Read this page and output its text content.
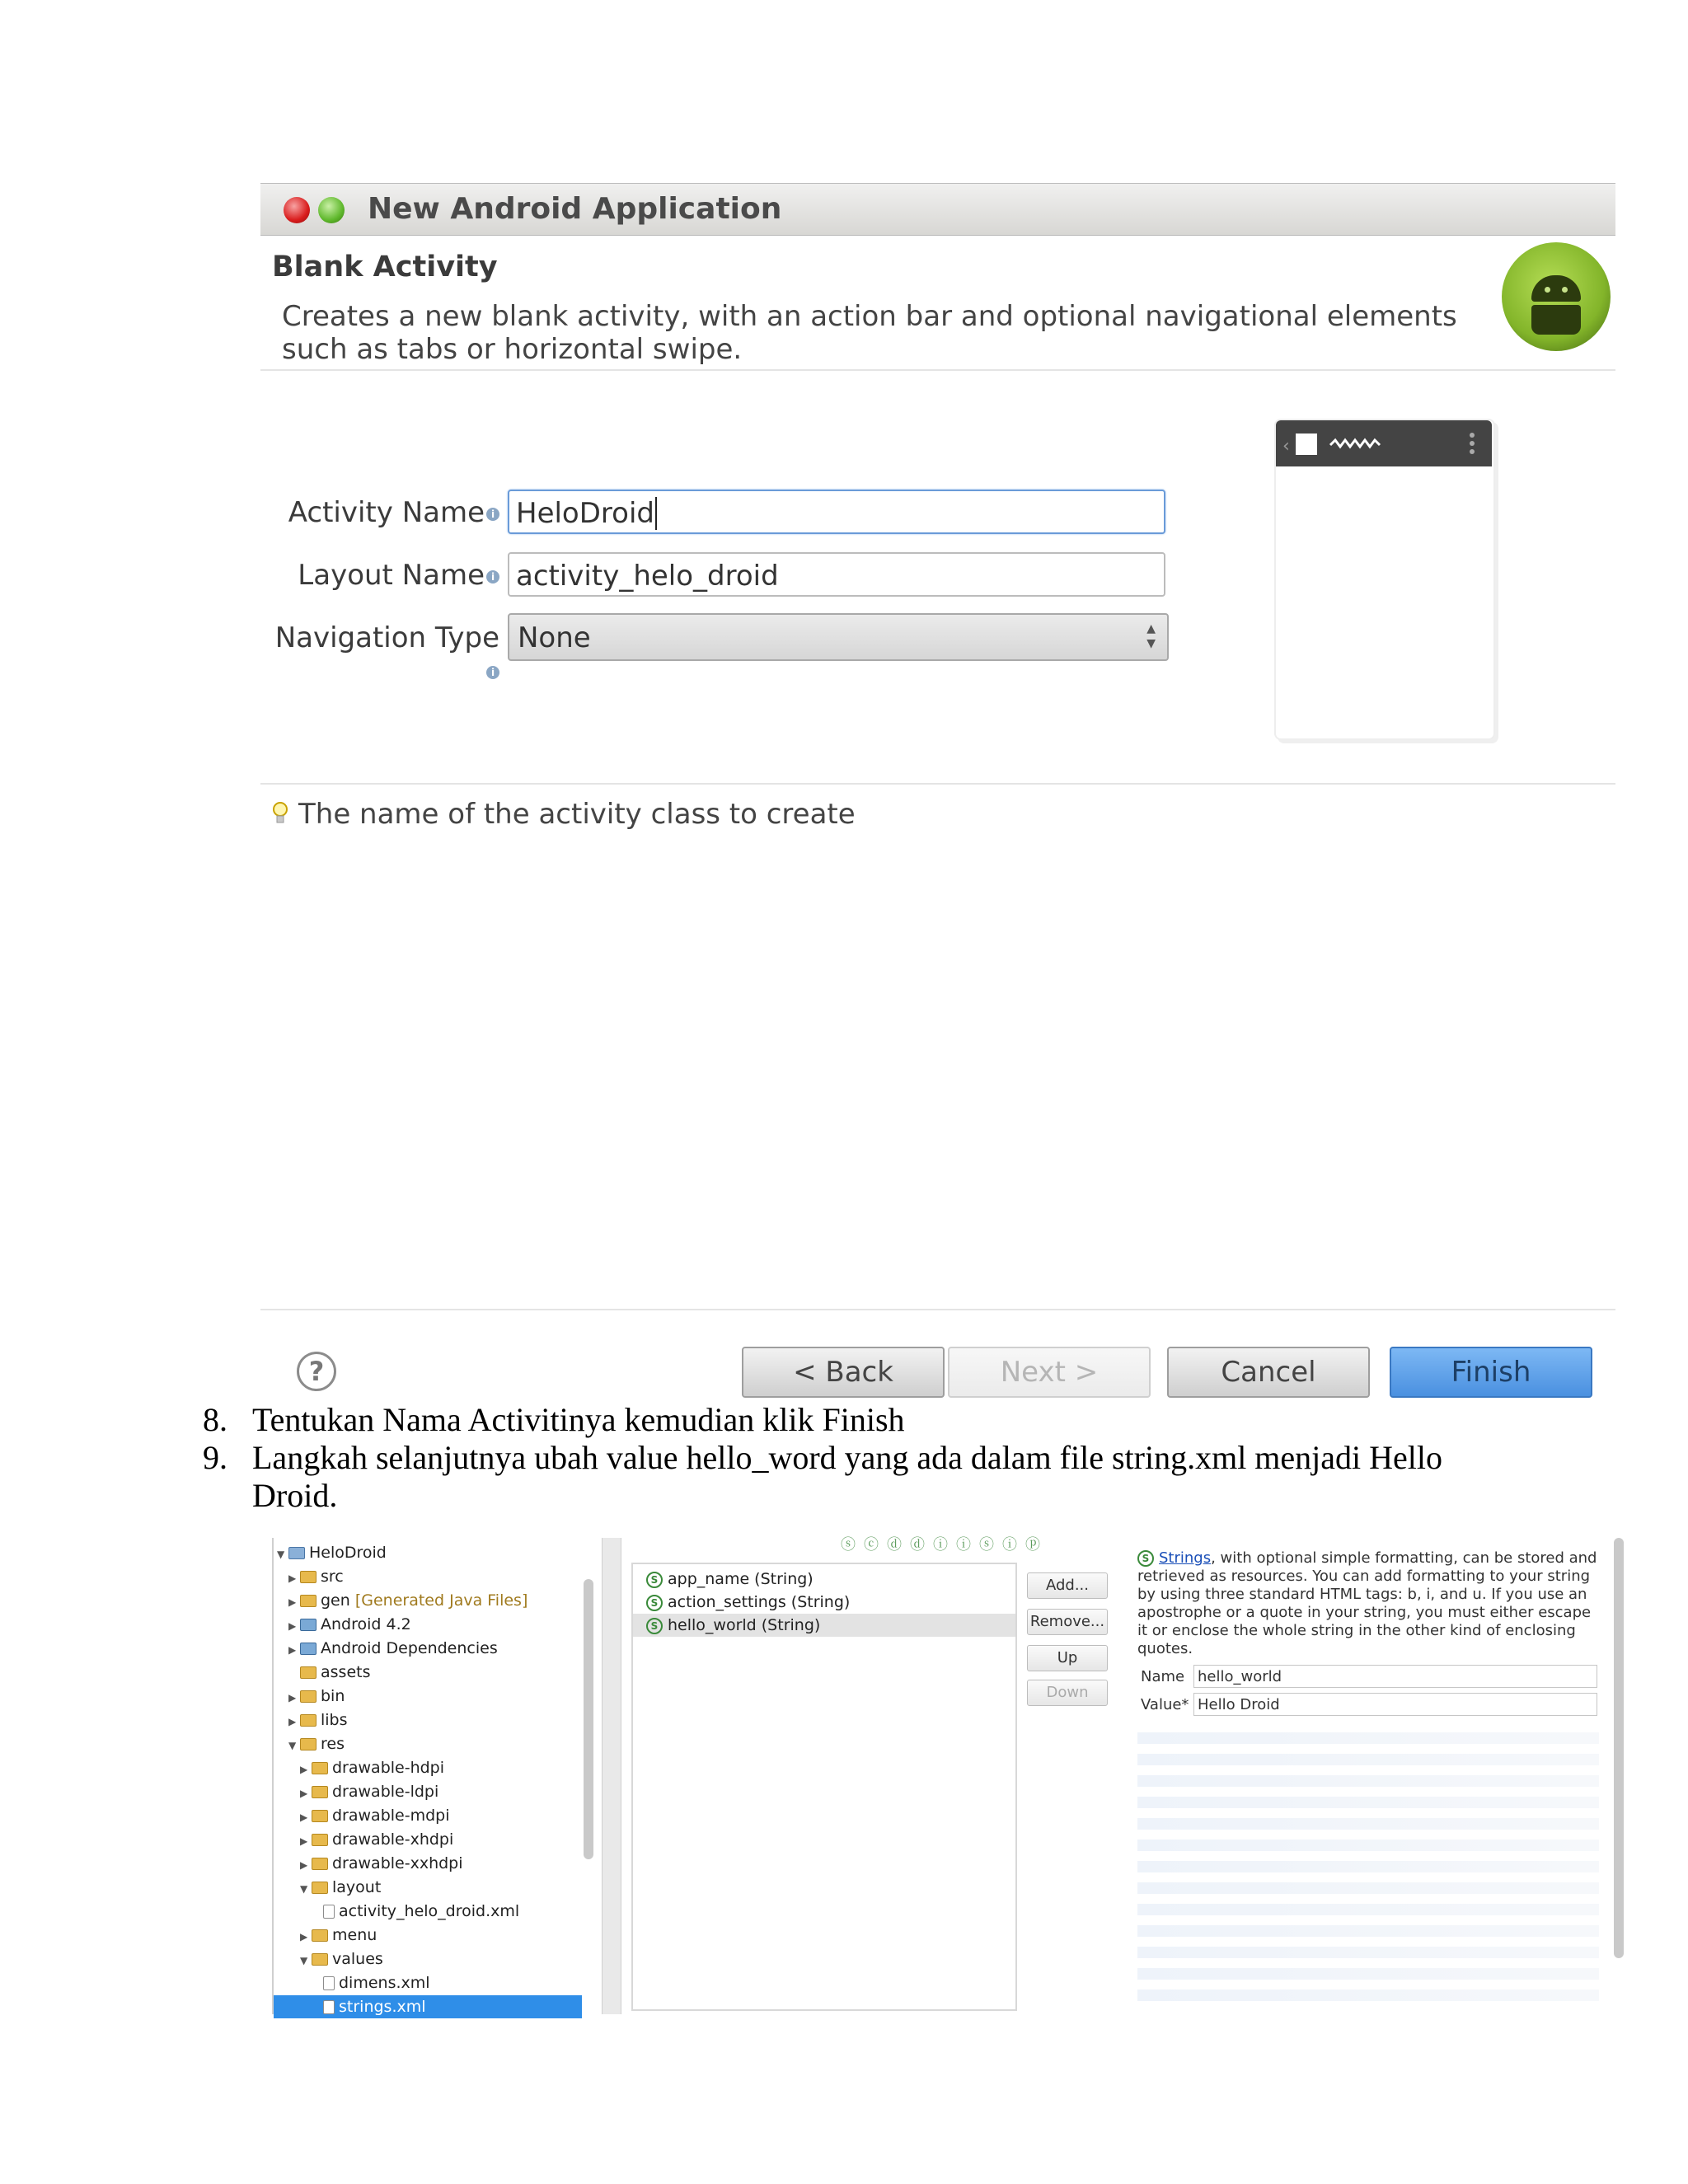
New Android Application
Blank Activity
Creates a new blank activity, with an action bar and optional navigational elements such as tabs or horizontal swipe.
Activity Name i HeloDroid
Layout Name i activity_helo_droid
Navigation Typei
None	▲
▼
‹
The name of the activity class to create
?	< Back	Next >	Cancel	Finish
8. Tentukan Nama Activitinya kemudian klik Finish
9. Langkah selanjutnya ubah value hello_word yang ada dalam file string.xml menjadi Hello
Droid.
▼ HeloDroid
▶ src
▶ gen [Generated Java Files]
▶ Android 4.2
▶ Android Dependencies
assets
▶ bin
▶ libs
▼ res
▶ drawable-hdpi
▶ drawable-ldpi
▶ drawable-mdpi
▶ drawable-xhdpi
▶ drawable-xxhdpi
▼ layout
activity_helo_droid.xml
▶ menu
▼ values
dimens.xml
strings.xml
ⓢⓒⓓⓓⓘⓘⓢⓘⓟ
S app_name (String)
S action_settings (String)
S hello_world (String)
Add...
Remove...
Up
Down
S Strings, with optional simple formatting, can be stored and retrieved as resources. You can add formatting to your string by using three standard HTML tags: b, i, and u. If you use an apostrophe or a quote in your string, you must either escape it or enclose the whole string in the other kind of enclosing quotes.
Name hello_world
Value* Hello Droid
